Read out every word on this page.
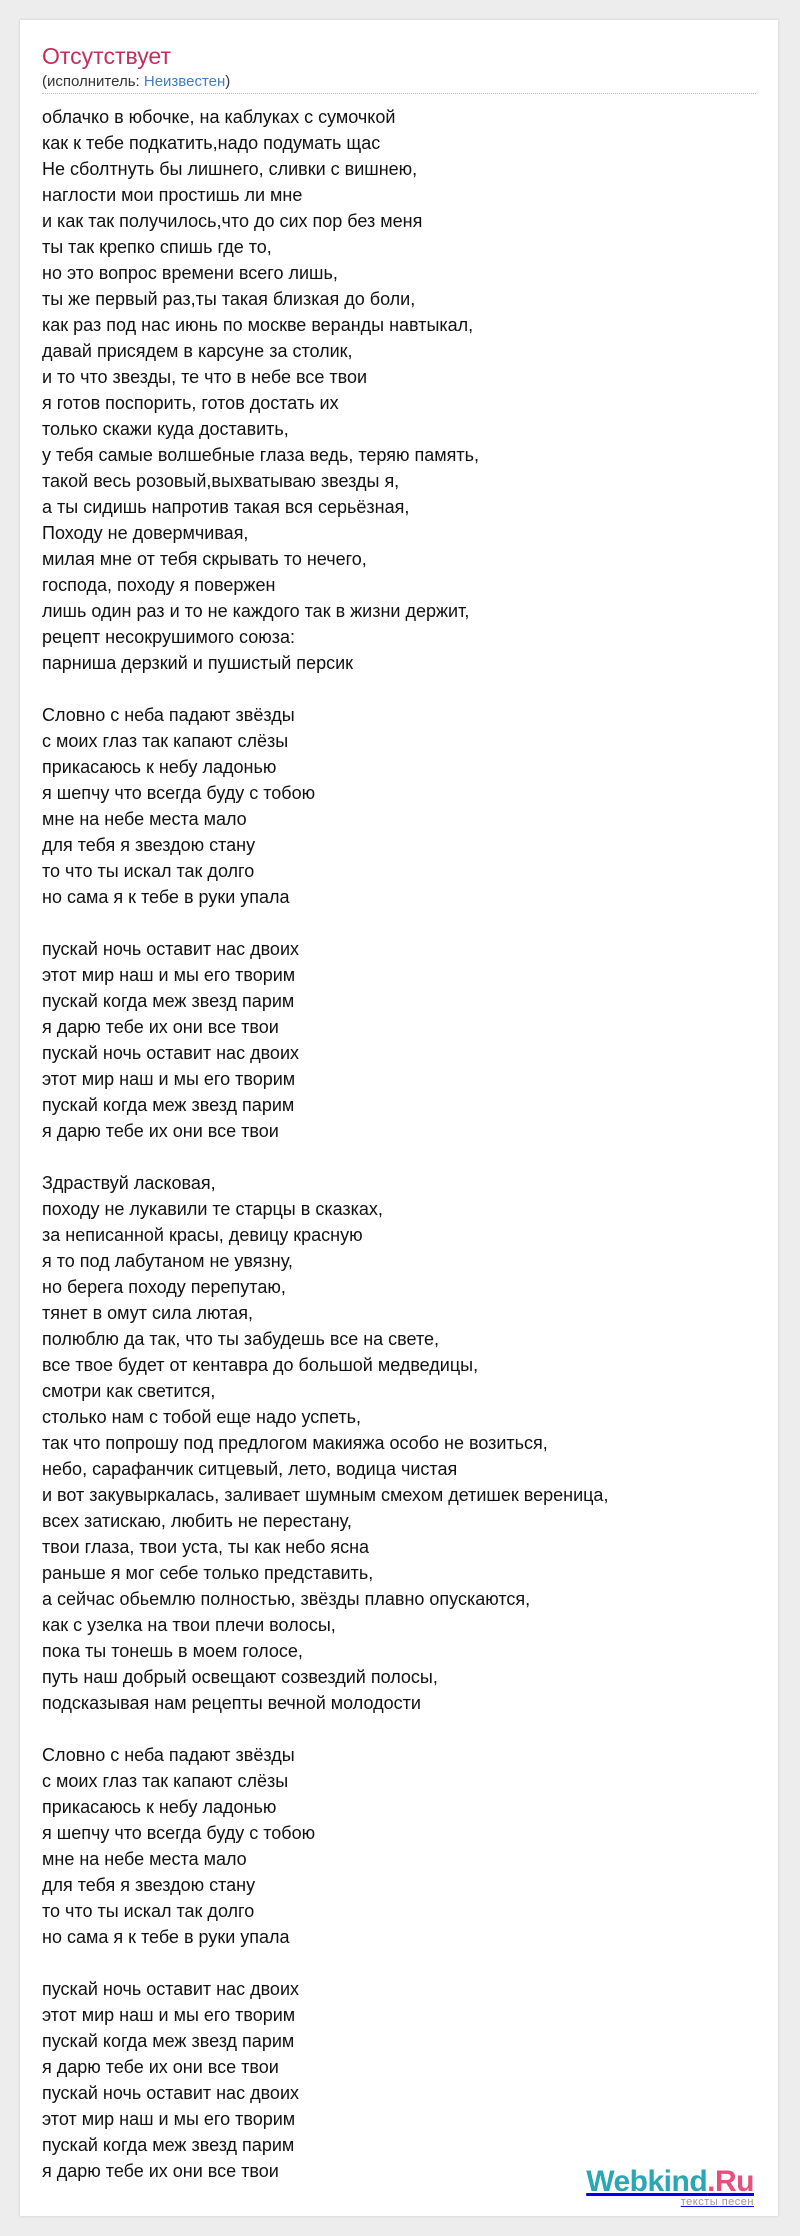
Отсутствует
(исполнитель: Неизвестен)
облачко в юбочке, на каблуках с сумочкой
как к тебе подкатить,надо подумать щас
Не сболтнуть бы лишнего, сливки с вишнею,
наглости мои простишь ли мне
и как так получилось,что до сих пор без меня
ты так крепко спишь где то,
но это вопрос времени всего лишь,
ты же первый раз,ты такая близкая до боли,
как раз под нас июнь по москве веранды навтыкал,
давай присядем в карсуне за столик,
и то что звезды, те что в небе все твои
я готов поспорить, готов достать их
только скажи куда доставить,
у тебя самые волшебные глаза ведь, теряю память,
такой весь розовый,выхватываю звезды я,
а ты сидишь напротив такая вся серьёзная,
Походу не довермчивая,
милая мне от тебя скрывать то нечего,
господа, походу я повержен
лишь один раз и то не каждого так в жизни держит,
рецепт несокрушимого союза:
парниша дерзкий и пушистый персик
Словно с неба падают звёзды
с моих глаз так капают слёзы
прикасаюсь к небу ладонью
я шепчу что всегда буду с тобою
мне на небе места мало
для тебя я звездою стану
то что ты искал так долго
но сама я к тебе в руки упала
пускай ночь оставит нас двоих
этот мир наш и мы его творим
пускай когда меж звезд парим
я дарю тебе их они все твои
пускай ночь оставит нас двоих
этот мир наш и мы его творим
пускай когда меж звезд парим
я дарю тебе их они все твои
Здраствуй ласковая,
походу не лукавили те старцы в сказках,
за неписанной красы, девицу красную
я то под лабутаном не увязну,
но берега походу перепутаю,
тянет в омут сила лютая,
полюблю да так, что ты забудешь все на свете,
все твое будет от кентавра до большой медведицы,
смотри как светится,
столько нам с тобой еще надо успеть,
так что попрошу под предлогом макияжа особо не возиться,
небо, сарафанчик ситцевый, лето, водица чистая
и вот закувыркалась, заливает шумным смехом детишек вереница,
всех затискаю, любить не перестану,
твои глаза, твои уста, ты как небо ясна
раньше я мог себе только представить,
а сейчас обьемлю полностью, звёзды плавно опускаются,
как с узелка на твои плечи волосы,
пока ты тонешь в моем голосе,
путь наш добрый освещают созвездий полосы,
подсказывая нам рецепты вечной молодости
Словно с неба падают звёзды
с моих глаз так капают слёзы
прикасаюсь к небу ладонью
я шепчу что всегда буду с тобою
мне на небе места мало
для тебя я звездою стану
то что ты искал так долго
но сама я к тебе в руки упала
пускай ночь оставит нас двоих
этот мир наш и мы его творим
пускай когда меж звезд парим
я дарю тебе их они все твои
пускай ночь оставит нас двоих
этот мир наш и мы его творим
пускай когда меж звезд парим
я дарю тебе их они все твои	Webkind.Ru
тексты песен
